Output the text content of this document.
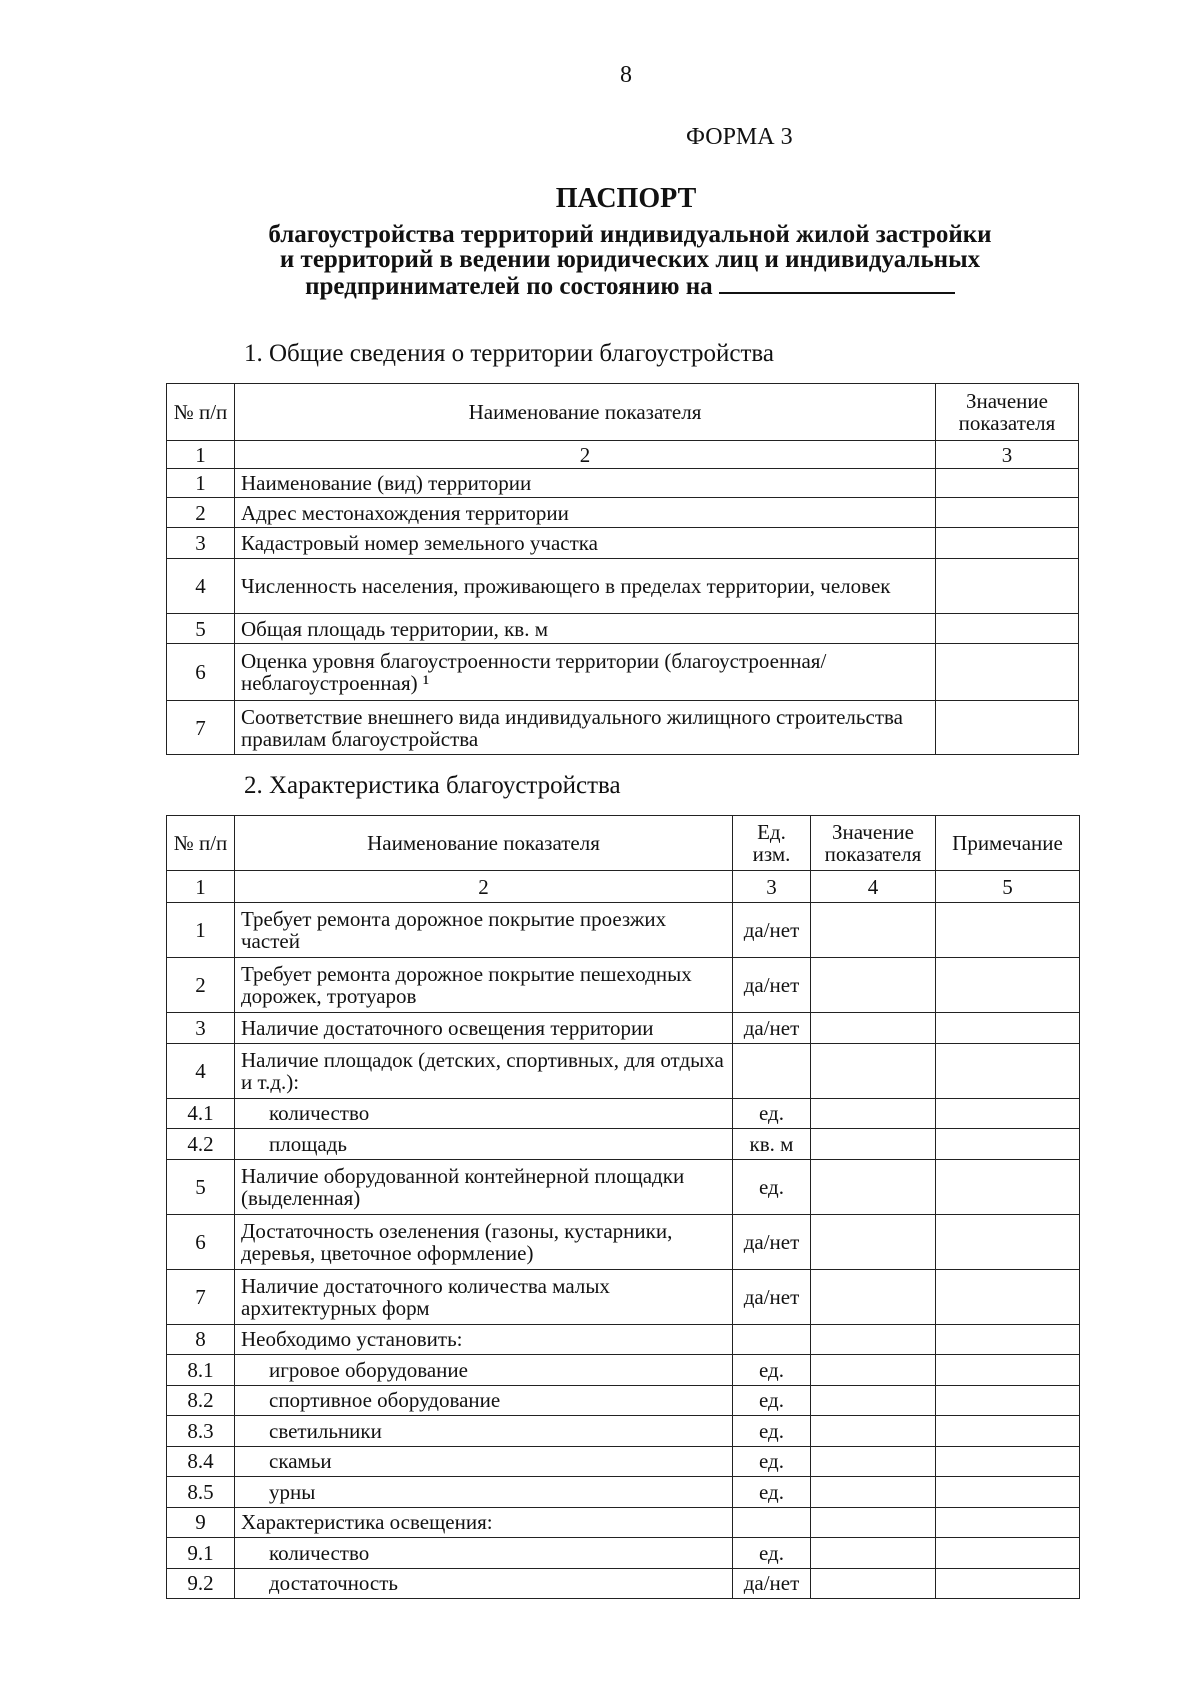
8
ФОРМА 3
ПАСПОРТ
благоустройства территорий индивидуальной жилой застройки
и территорий в ведении юридических лиц и индивидуальных
предпринимателей по состоянию на
1. Общие сведения о территории благоустройства
№ п/п	Наименование показателя	Значение показателя
1	2	3
1	Наименование (вид) территории	
2	Адрес местонахождения территории	
3	Кадастровый номер земельного участка	
4	Численность населения, проживающего в пределах территории, человек	
5	Общая площадь территории, кв. м	
6	Оценка уровня благоустроенности территории (благоустроенная/ неблагоустроенная) ¹	
7	Соответствие внешнего вида индивидуального жилищного строительства правилам благоустройства	
2. Характеристика благоустройства
№ п/п	Наименование показателя	Ед. изм.	Значение показателя	Примечание
1	2	3	4	5
1	Требует ремонта дорожное покрытие проезжих частей	да/нет		
2	Требует ремонта дорожное покрытие пешеходных дорожек, тротуаров	да/нет		
3	Наличие достаточного освещения территории	да/нет		
4	Наличие площадок (детских, спортивных, для отдыха и т.д.):			
4.1	количество	ед.		
4.2	площадь	кв. м		
5	Наличие оборудованной контейнерной площадки (выделенная)	ед.		
6	Достаточность озеленения (газоны, кустарники, деревья, цветочное оформление)	да/нет		
7	Наличие достаточного количества малых архитектурных форм	да/нет		
8	Необходимо установить:			
8.1	игровое оборудование	ед.		
8.2	спортивное оборудование	ед.		
8.3	светильники	ед.		
8.4	скамьи	ед.		
8.5	урны	ед.		
9	Характеристика освещения:			
9.1	количество	ед.		
9.2	достаточность	да/нет		
